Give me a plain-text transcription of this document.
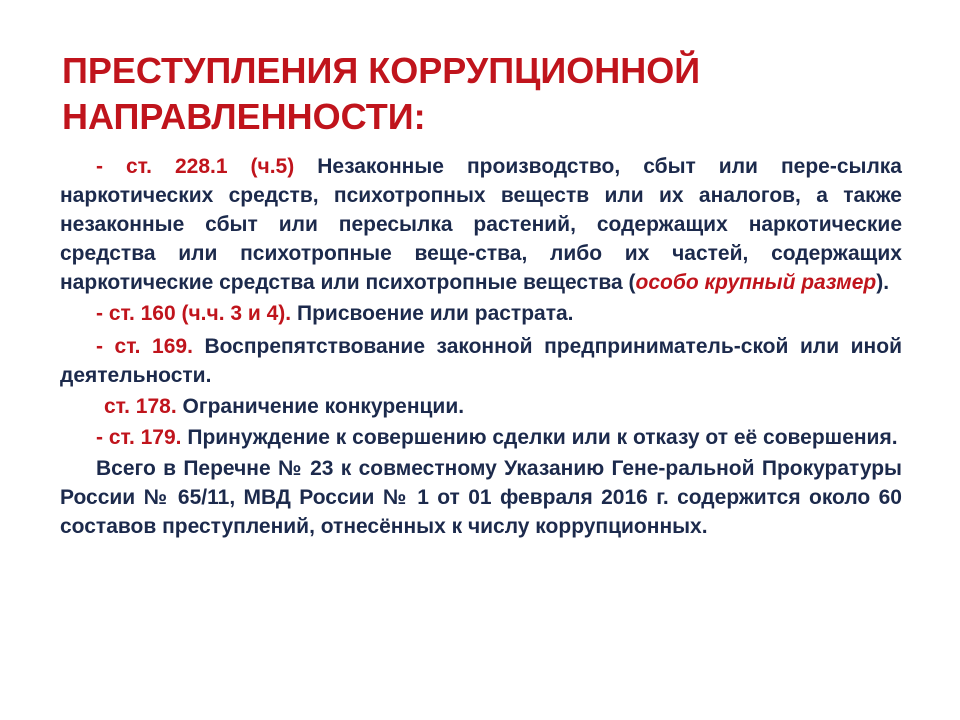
ПРЕСТУПЛЕНИЯ КОРРУПЦИОННОЙ НАПРАВЛЕННОСТИ:

- ст. 228.1 (ч.5) Незаконные производство, сбыт или пере-сылка наркотических средств, психотропных веществ или их аналогов, а также незаконные сбыт или пересылка растений, содержащих наркотические средства или психотропные веще-ства, либо их частей, содержащих наркотические средства или психотропные вещества (особо крупный размер).

- ст. 160 (ч.ч. 3 и 4). Присвоение или растрата.

- ст. 169. Воспрепятствование законной предприниматель-ской или иной деятельности.

ст. 178. Ограничение конкуренции.

- ст. 179. Принуждение к совершению сделки или к отказу от её совершения.

Всего в Перечне № 23 к совместному Указанию Гене-ральной Прокуратуры России № 65/11, МВД России № 1 от 01 февраля 2016 г. содержится около 60 составов преступлений, отнесённых к числу коррупционных.
